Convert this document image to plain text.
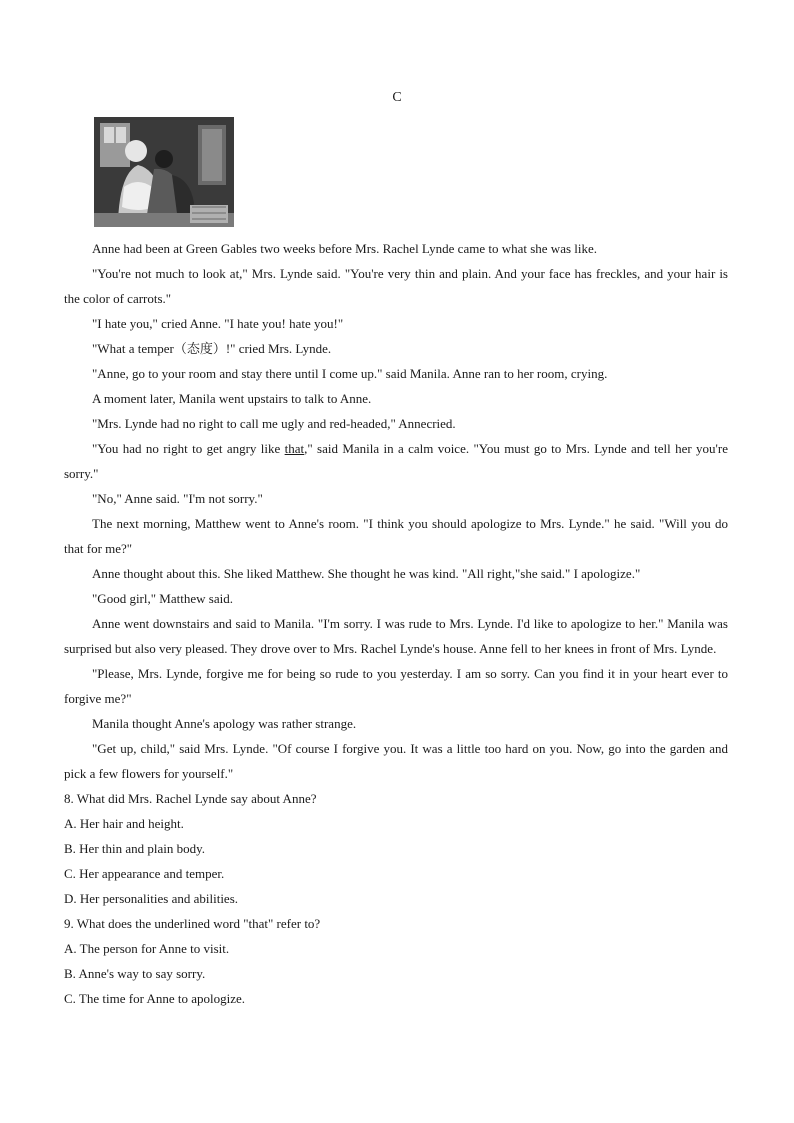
C

Anne had been at Green Gables two weeks before Mrs. Rachel Lynde came to what she was like.

"You're not much to look at," Mrs. Lynde said. "You're very thin and plain. And your face has freckles, and your hair is the color of carrots."

"I hate you," cried Anne. "I hate you! hate you!"

"What a temper（态度）!" cried Mrs. Lynde.

"Anne, go to your room and stay there until I come up." said Manila. Anne ran to her room, crying.

A moment later, Manila went upstairs to talk to Anne.

"Mrs. Lynde had no right to call me ugly and red-headed," Annecried.

"You had no right to get angry like that," said Manila in a calm voice. "You must go to Mrs. Lynde and tell her you're sorry."

"No," Anne said. "I'm not sorry."

The next morning, Matthew went to Anne's room. "I think you should apologize to Mrs. Lynde." he said. "Will you do that for me?"

Anne thought about this. She liked Matthew. She thought he was kind. "All right,"she said." I apologize."

"Good girl," Matthew said.

Anne went downstairs and said to Manila. "I'm sorry. I was rude to Mrs. Lynde. I'd like to apologize to her." Manila was surprised but also very pleased. They drove over to Mrs. Rachel Lynde's house. Anne fell to her knees in front of Mrs. Lynde.

"Please, Mrs. Lynde, forgive me for being so rude to you yesterday. I am so sorry. Can you find it in your heart ever to forgive me?"

Manila thought Anne's apology was rather strange.

"Get up, child," said Mrs. Lynde. "Of course I forgive you. It was a little too hard on you. Now, go into the garden and pick a few flowers for yourself."

8. What did Mrs. Rachel Lynde say about Anne?

A. Her hair and height.

B. Her thin and plain body.

C. Her appearance and temper.

D. Her personalities and abilities.

9. What does the underlined word "that" refer to?

A. The person for Anne to visit.

B. Anne's way to say sorry.

C. The time for Anne to apologize.
